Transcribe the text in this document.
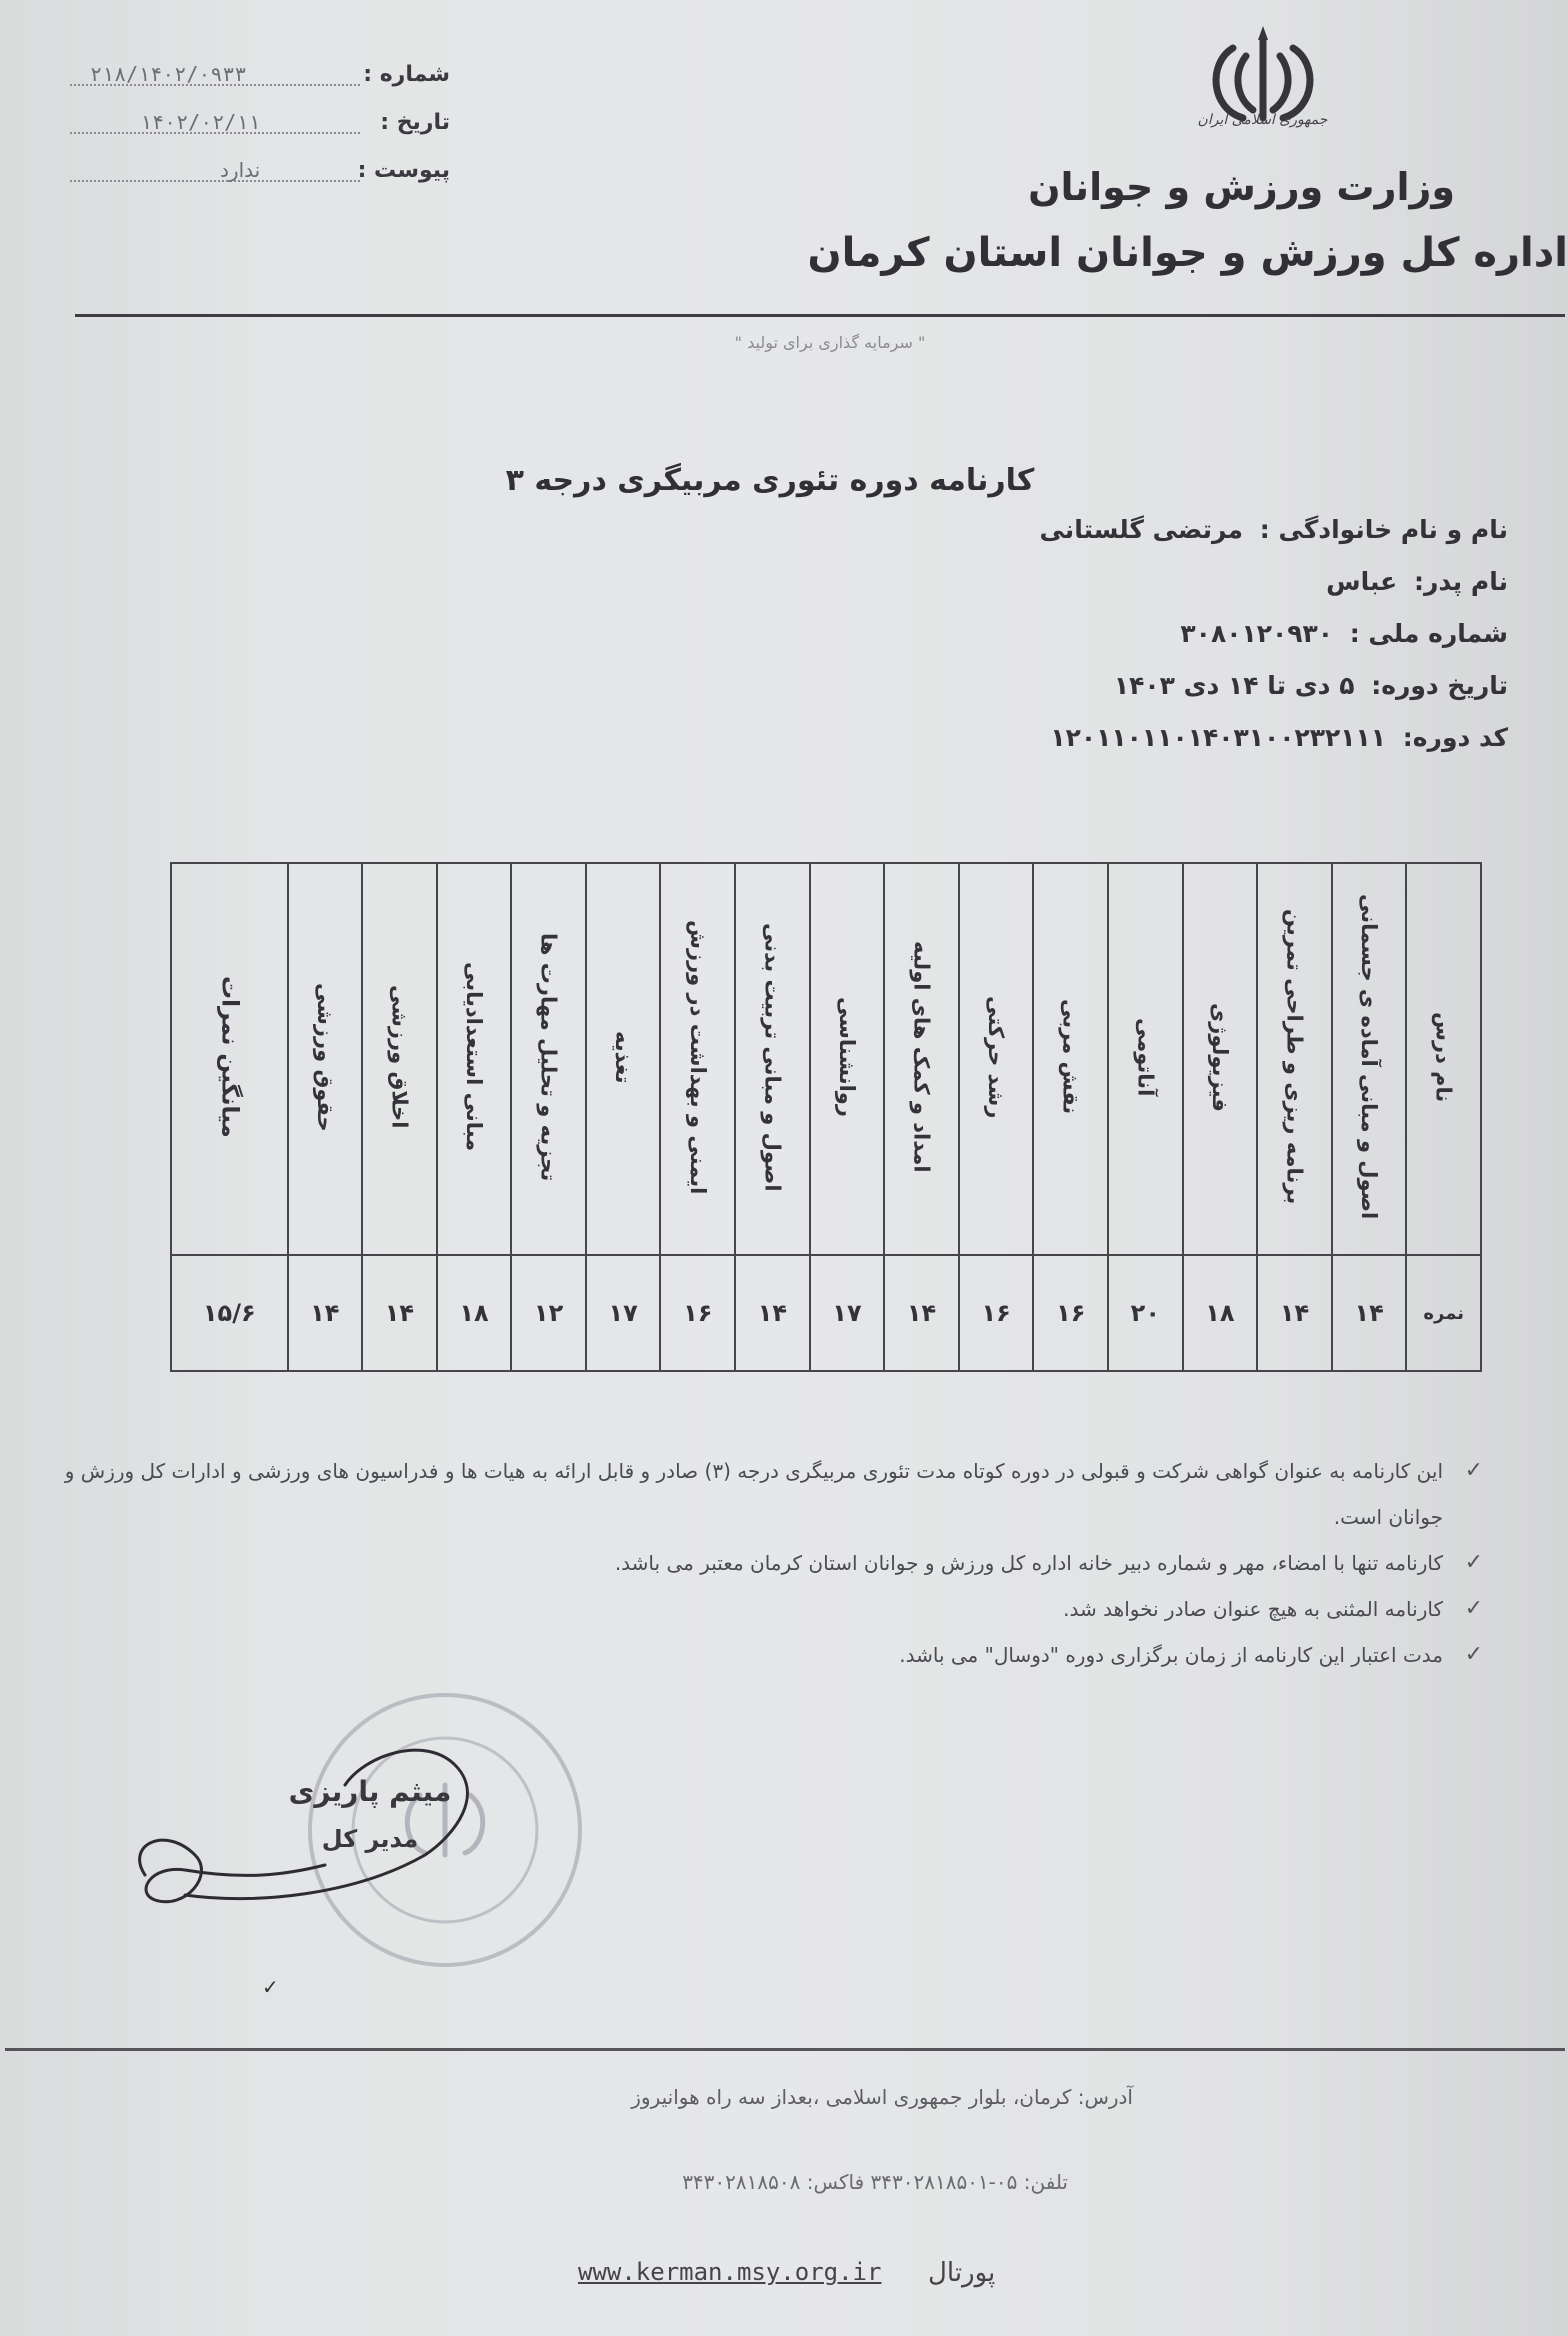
جمهوری اسلامی ایران
وزارت ورزش و جوانان
اداره کل ورزش و جوانان استان کرمان
شماره :
۲۱۸/۱۴۰۲/۰۹۳۳
تاریخ :
۱۴۰۲/۰۲/۱۱
پیوست :
ندارد
" سرمایه گذاری برای تولید "
کارنامه دوره تئوری مربیگری درجه ۳
نام و نام خانوادگی : مرتضی گلستانی
نام پدر: عباس
شماره ملی : ۳۰۸۰۱۲۰۹۳۰
تاریخ دوره: ۵ دی تا ۱۴ دی ۱۴۰۳
کد دوره: ۱۲۰۱۱۰۱۱۰۱۴۰۳۱۰۰۲۳۲۱۱۱
نام درس	اصول و مبانی آماده ی جسمانی	برنامه ریزی و طراحی تمرین	فیزیولوژی	آناتومی	نقش مربی	رشد حرکتی	امداد و کمک های اولیه	روانشناسی	اصول و مبانی تربیت بدنی	ایمنی و بهداشت در ورزش	تغذیه	تجزیه و تحلیل مهارت ها	مبانی استعدادیابی	اخلاق ورزشی	حقوق ورزشی	میانگین نمرات
نمره	۱۴	۱۴	۱۸	۲۰	۱۶	۱۶	۱۴	۱۷	۱۴	۱۶	۱۷	۱۲	۱۸	۱۴	۱۴	۱۵/۶
✓
این کارنامه به عنوان گواهی شرکت و قبولی در دوره کوتاه مدت تئوری مربیگری درجه (۳) صادر و قابل ارائه به هیات ها و فدراسیون های ورزشی و ادارات کل ورزش و جوانان است.
✓
کارنامه تنها با امضاء، مهر و شماره دبیر خانه اداره کل ورزش و جوانان استان کرمان معتبر می باشد.
✓
کارنامه المثنی به هیچ عنوان صادر نخواهد شد.
✓
مدت اعتبار این کارنامه از زمان برگزاری دوره "دوسال" می باشد.
میثم پاریزی
مدیر کل
✓
آدرس: کرمان، بلوار جمهوری اسلامی ،بعداز سه راه هوانیروز
تلفن: ۰۵-۳۴۳۰۲۸۱۸۵۰۱ فاکس: ۳۴۳۰۲۸۱۸۵۰۸
www.kerman.msy.org.ir پورتال
